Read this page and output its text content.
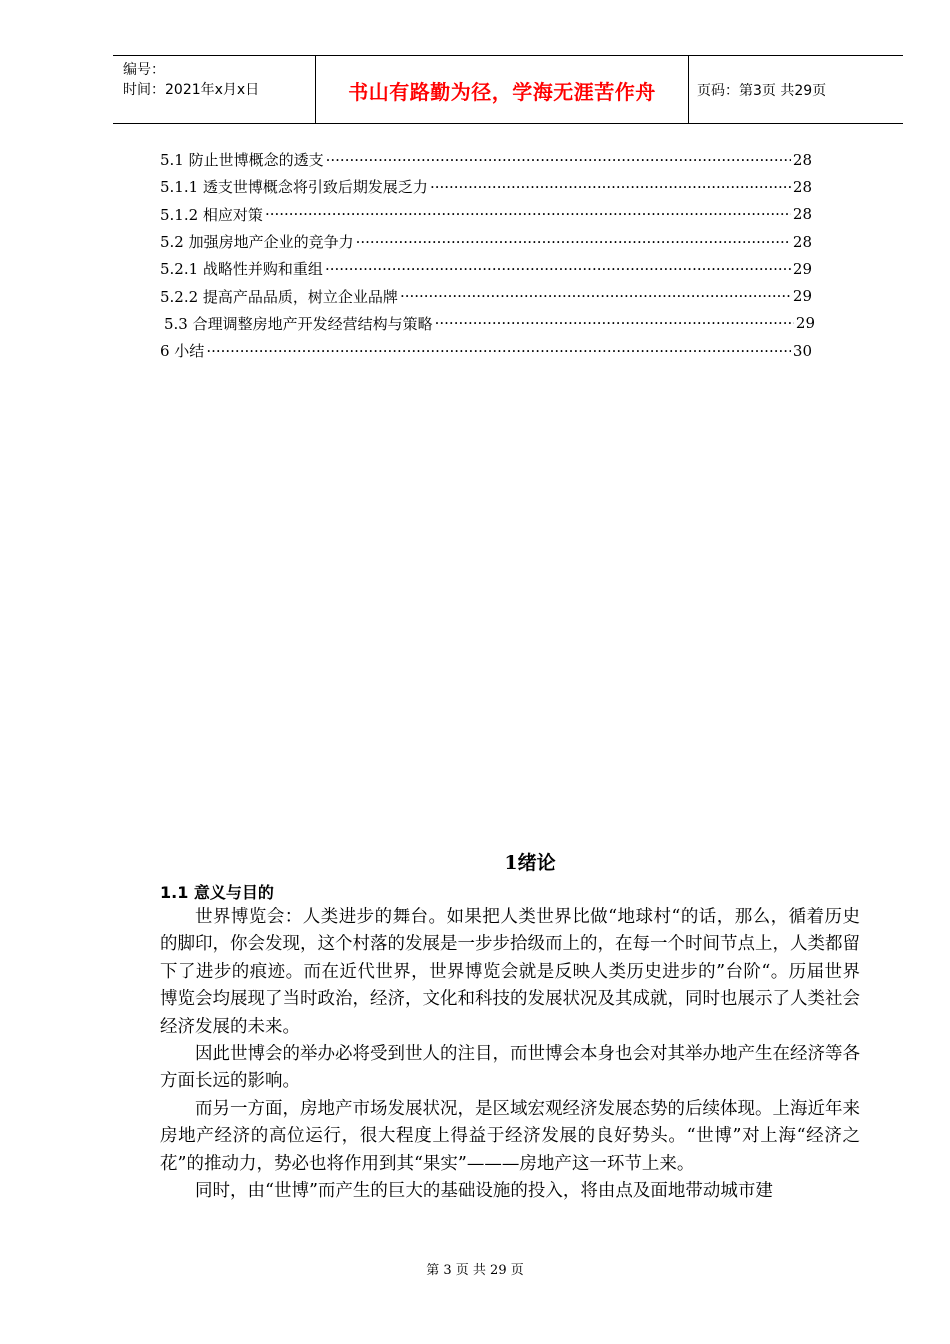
编号：
时间：2021年x月x日	书山有路勤为径，学海无涯苦作舟	页码：第3页 共29页
5.1 防止世博概念的透支 ·····	28
5.1.1 透支世博概念将引致后期发展乏力 ·····	28
5.1.2 相应对策 ·····	28
5.2 加强房地产企业的竞争力 ·····	28
5.2.1 战略性并购和重组 ·····	29
5.2.2 提高产品品质，树立企业品牌 ·····	29
5.3 合理调整房地产开发经营结构与策略 ·····	29
6 小结 ·····	30
1绪论
1.1 意义与目的

世界博览会：人类进步的舞台。如果把人类世界比做“地球村“的话，那么，循着历史的脚印，你会发现，这个村落的发展是一步步拾级而上的，在每一个时间节点上，人类都留下了进步的痕迹。而在近代世界，世界博览会就是反映人类历史进步的”台阶“。历届世界博览会均展现了当时政治，经济，文化和科技的发展状况及其成就，同时也展示了人类社会经济发展的未来。

因此世博会的举办必将受到世人的注目，而世博会本身也会对其举办地产生在经济等各方面长远的影响。

而另一方面，房地产市场发展状况，是区域宏观经济发展态势的后续体现。上海近年来房地产经济的高位运行，很大程度上得益于经济发展的良好势头。“世博”对上海“经济之花”的推动力，势必也将作用到其“果实”———房地产这一环节上来。

同时，由“世博”而产生的巨大的基础设施的投入，将由点及面地带动城市建

第 3 页 共 29 页
